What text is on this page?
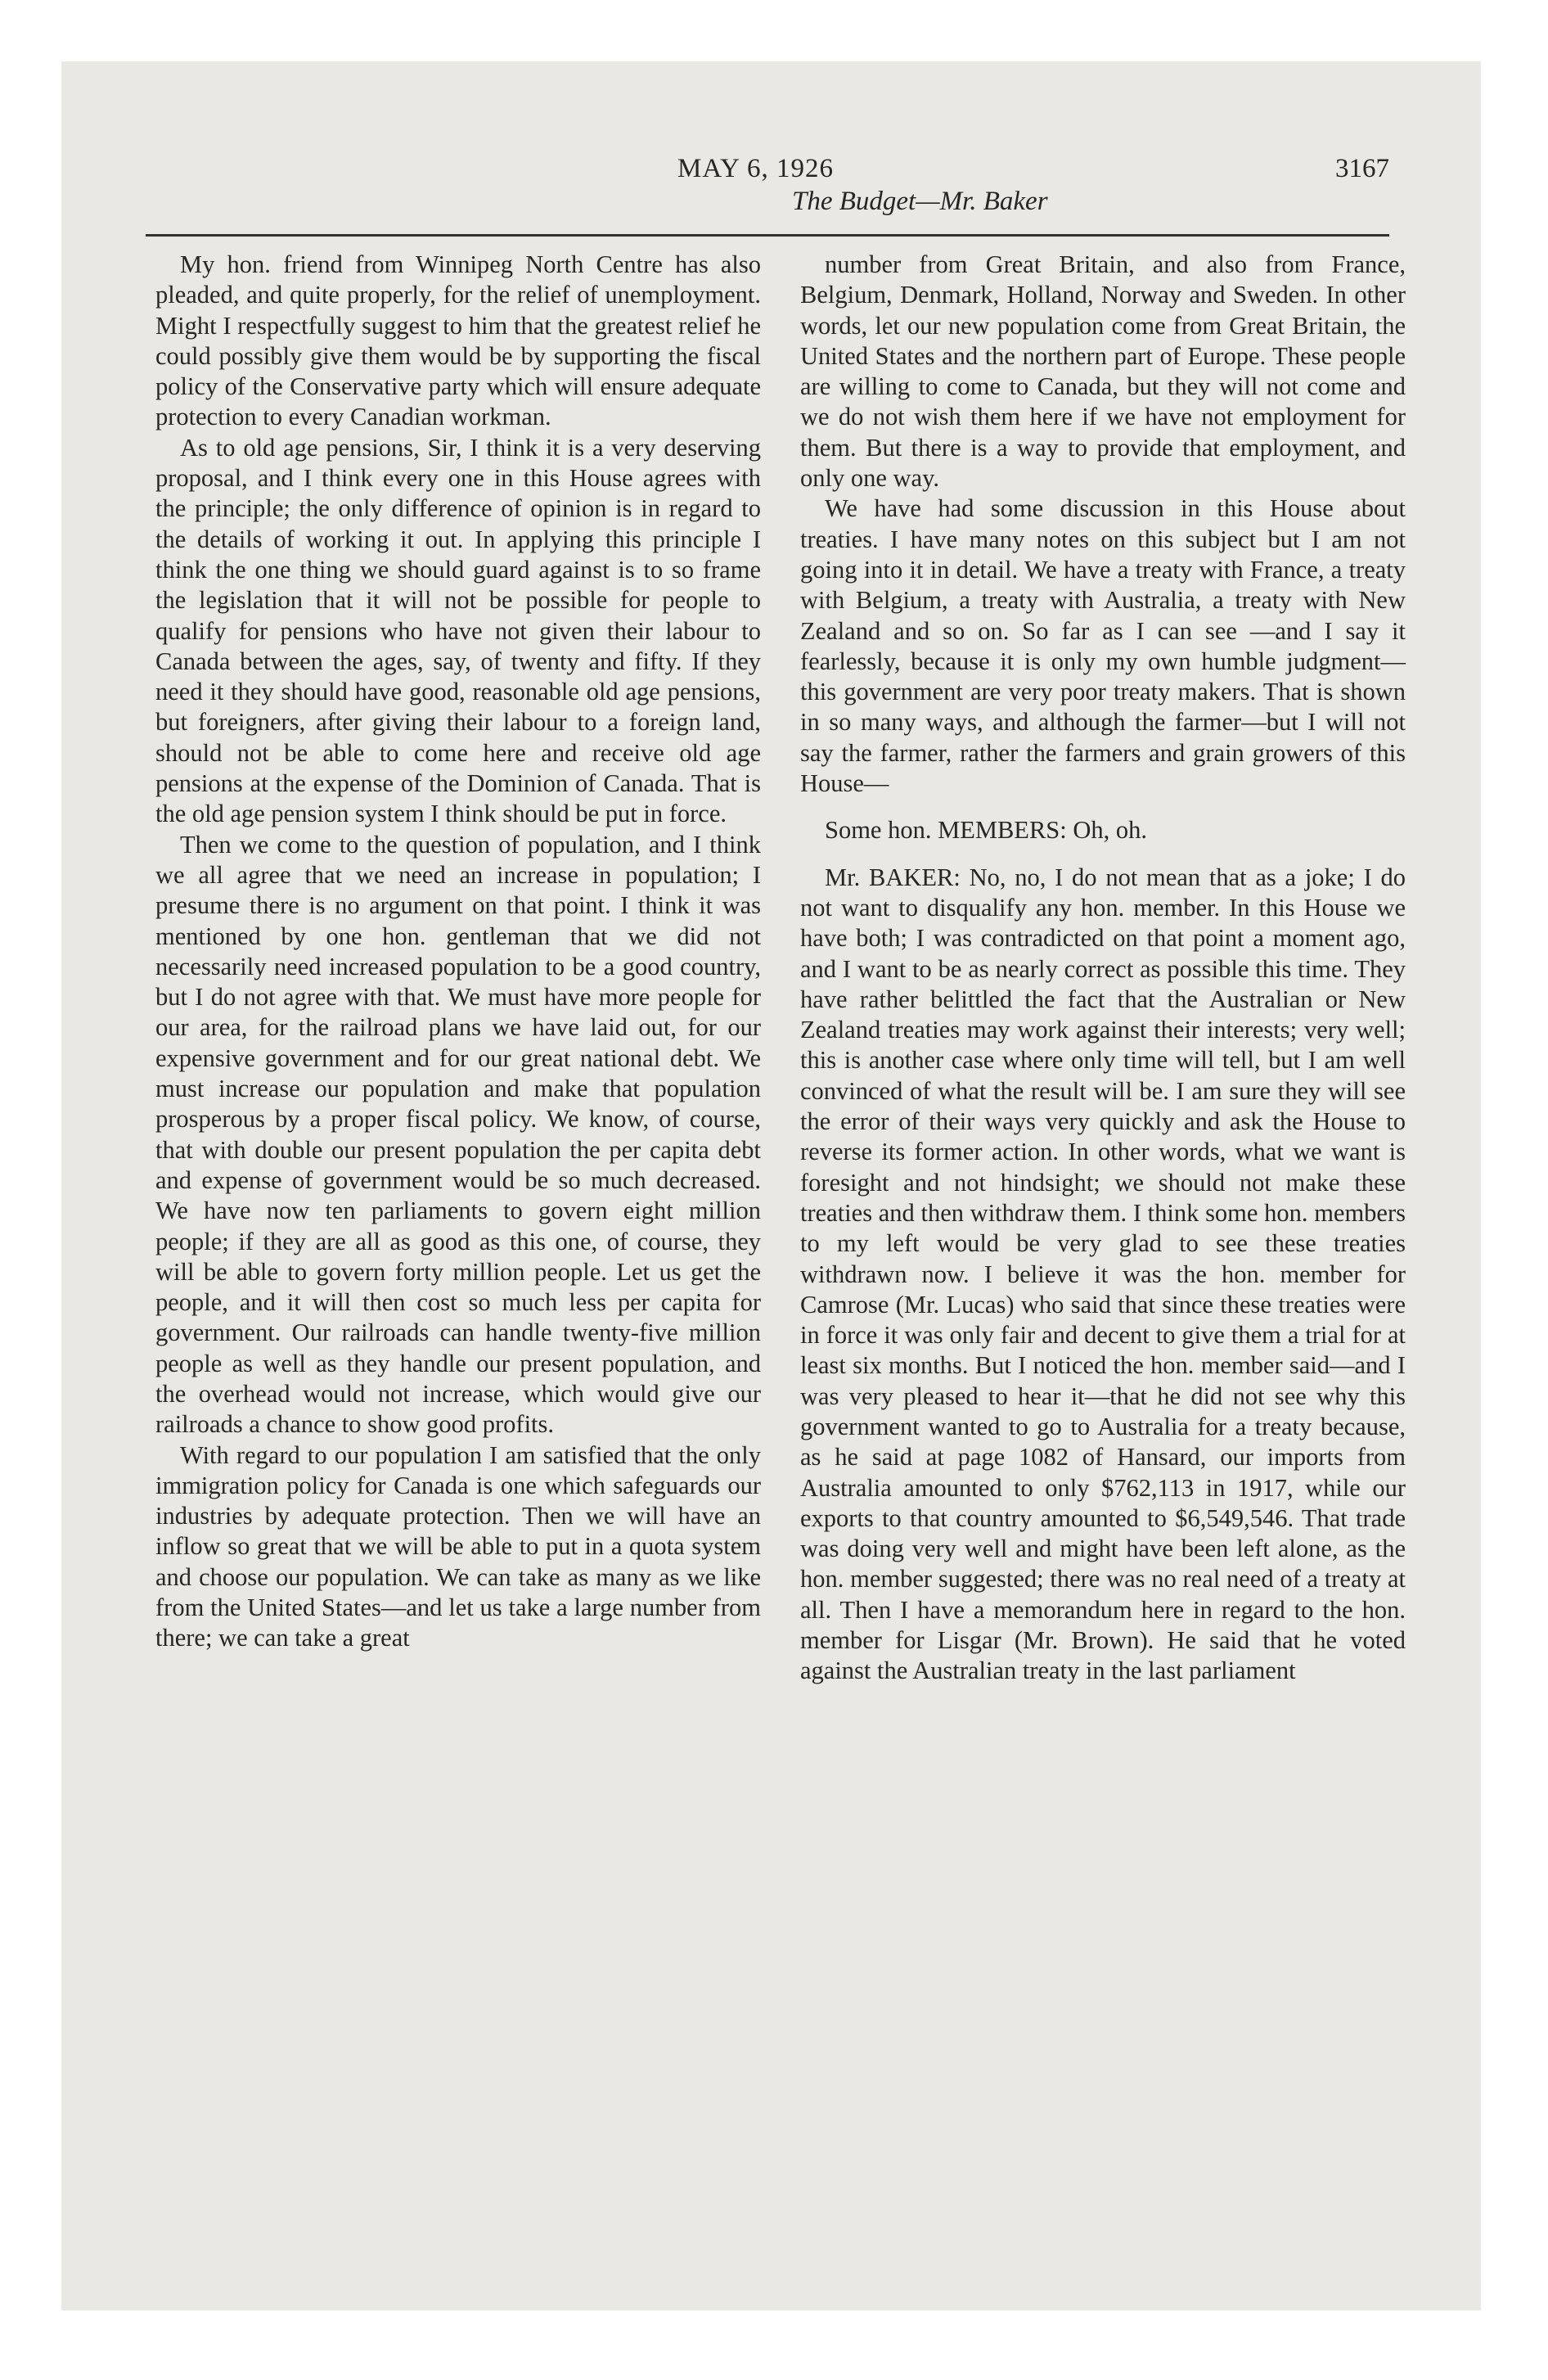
MAY 6, 1926	3167
The Budget—Mr. Baker

My hon. friend from Winnipeg North Centre has also pleaded, and quite properly, for the relief of unemployment. Might I respectfully suggest to him that the greatest relief he could possibly give them would be by supporting the fiscal policy of the Conservative party which will ensure adequate protection to every Canadian workman.

As to old age pensions, Sir, I think it is a very deserving proposal, and I think every one in this House agrees with the principle; the only difference of opinion is in regard to the details of working it out. In applying this principle I think the one thing we should guard against is to so frame the legislation that it will not be possible for people to qualify for pensions who have not given their labour to Canada between the ages, say, of twenty and fifty. If they need it they should have good, reasonable old age pensions, but foreigners, after giving their labour to a foreign land, should not be able to come here and receive old age pensions at the expense of the Dominion of Canada. That is the old age pension system I think should be put in force.

Then we come to the question of population, and I think we all agree that we need an increase in population; I presume there is no argument on that point. I think it was mentioned by one hon. gentleman that we did not necessarily need increased population to be a good country, but I do not agree with that. We must have more people for our area, for the railroad plans we have laid out, for our expensive government and for our great national debt. We must increase our population and make that population prosperous by a proper fiscal policy. We know, of course, that with double our present population the per capita debt and expense of government would be so much decreased. We have now ten parliaments to govern eight million people; if they are all as good as this one, of course, they will be able to govern forty million people. Let us get the people, and it will then cost so much less per capita for government. Our railroads can handle twenty-five million people as well as they handle our present population, and the overhead would not increase, which would give our railroads a chance to show good profits.

With regard to our population I am satisfied that the only immigration policy for Canada is one which safeguards our industries by adequate protection. Then we will have an inflow so great that we will be able to put in a quota system and choose our population. We can take as many as we like from the United States—and let us take a large number from there; we can take a great

number from Great Britain, and also from France, Belgium, Denmark, Holland, Norway and Sweden. In other words, let our new population come from Great Britain, the United States and the northern part of Europe. These people are willing to come to Canada, but they will not come and we do not wish them here if we have not employment for them. But there is a way to provide that employment, and only one way.

We have had some discussion in this House about treaties. I have many notes on this subject but I am not going into it in detail. We have a treaty with France, a treaty with Belgium, a treaty with Australia, a treaty with New Zealand and so on. So far as I can see —and I say it fearlessly, because it is only my own humble judgment—this government are very poor treaty makers. That is shown in so many ways, and although the farmer—but I will not say the farmer, rather the farmers and grain growers of this House—

Some hon. MEMBERS: Oh, oh.

Mr. BAKER: No, no, I do not mean that as a joke; I do not want to disqualify any hon. member. In this House we have both; I was contradicted on that point a moment ago, and I want to be as nearly correct as possible this time. They have rather belittled the fact that the Australian or New Zealand treaties may work against their interests; very well; this is another case where only time will tell, but I am well convinced of what the result will be. I am sure they will see the error of their ways very quickly and ask the House to reverse its former action. In other words, what we want is foresight and not hindsight; we should not make these treaties and then withdraw them. I think some hon. members to my left would be very glad to see these treaties withdrawn now. I believe it was the hon. member for Camrose (Mr. Lucas) who said that since these treaties were in force it was only fair and decent to give them a trial for at least six months. But I noticed the hon. member said—and I was very pleased to hear it—that he did not see why this government wanted to go to Australia for a treaty because, as he said at page 1082 of Hansard, our imports from Australia amounted to only $762,113 in 1917, while our exports to that country amounted to $6,549,546. That trade was doing very well and might have been left alone, as the hon. member suggested; there was no real need of a treaty at all. Then I have a memorandum here in regard to the hon. member for Lisgar (Mr. Brown). He said that he voted against the Australian treaty in the last parliament
